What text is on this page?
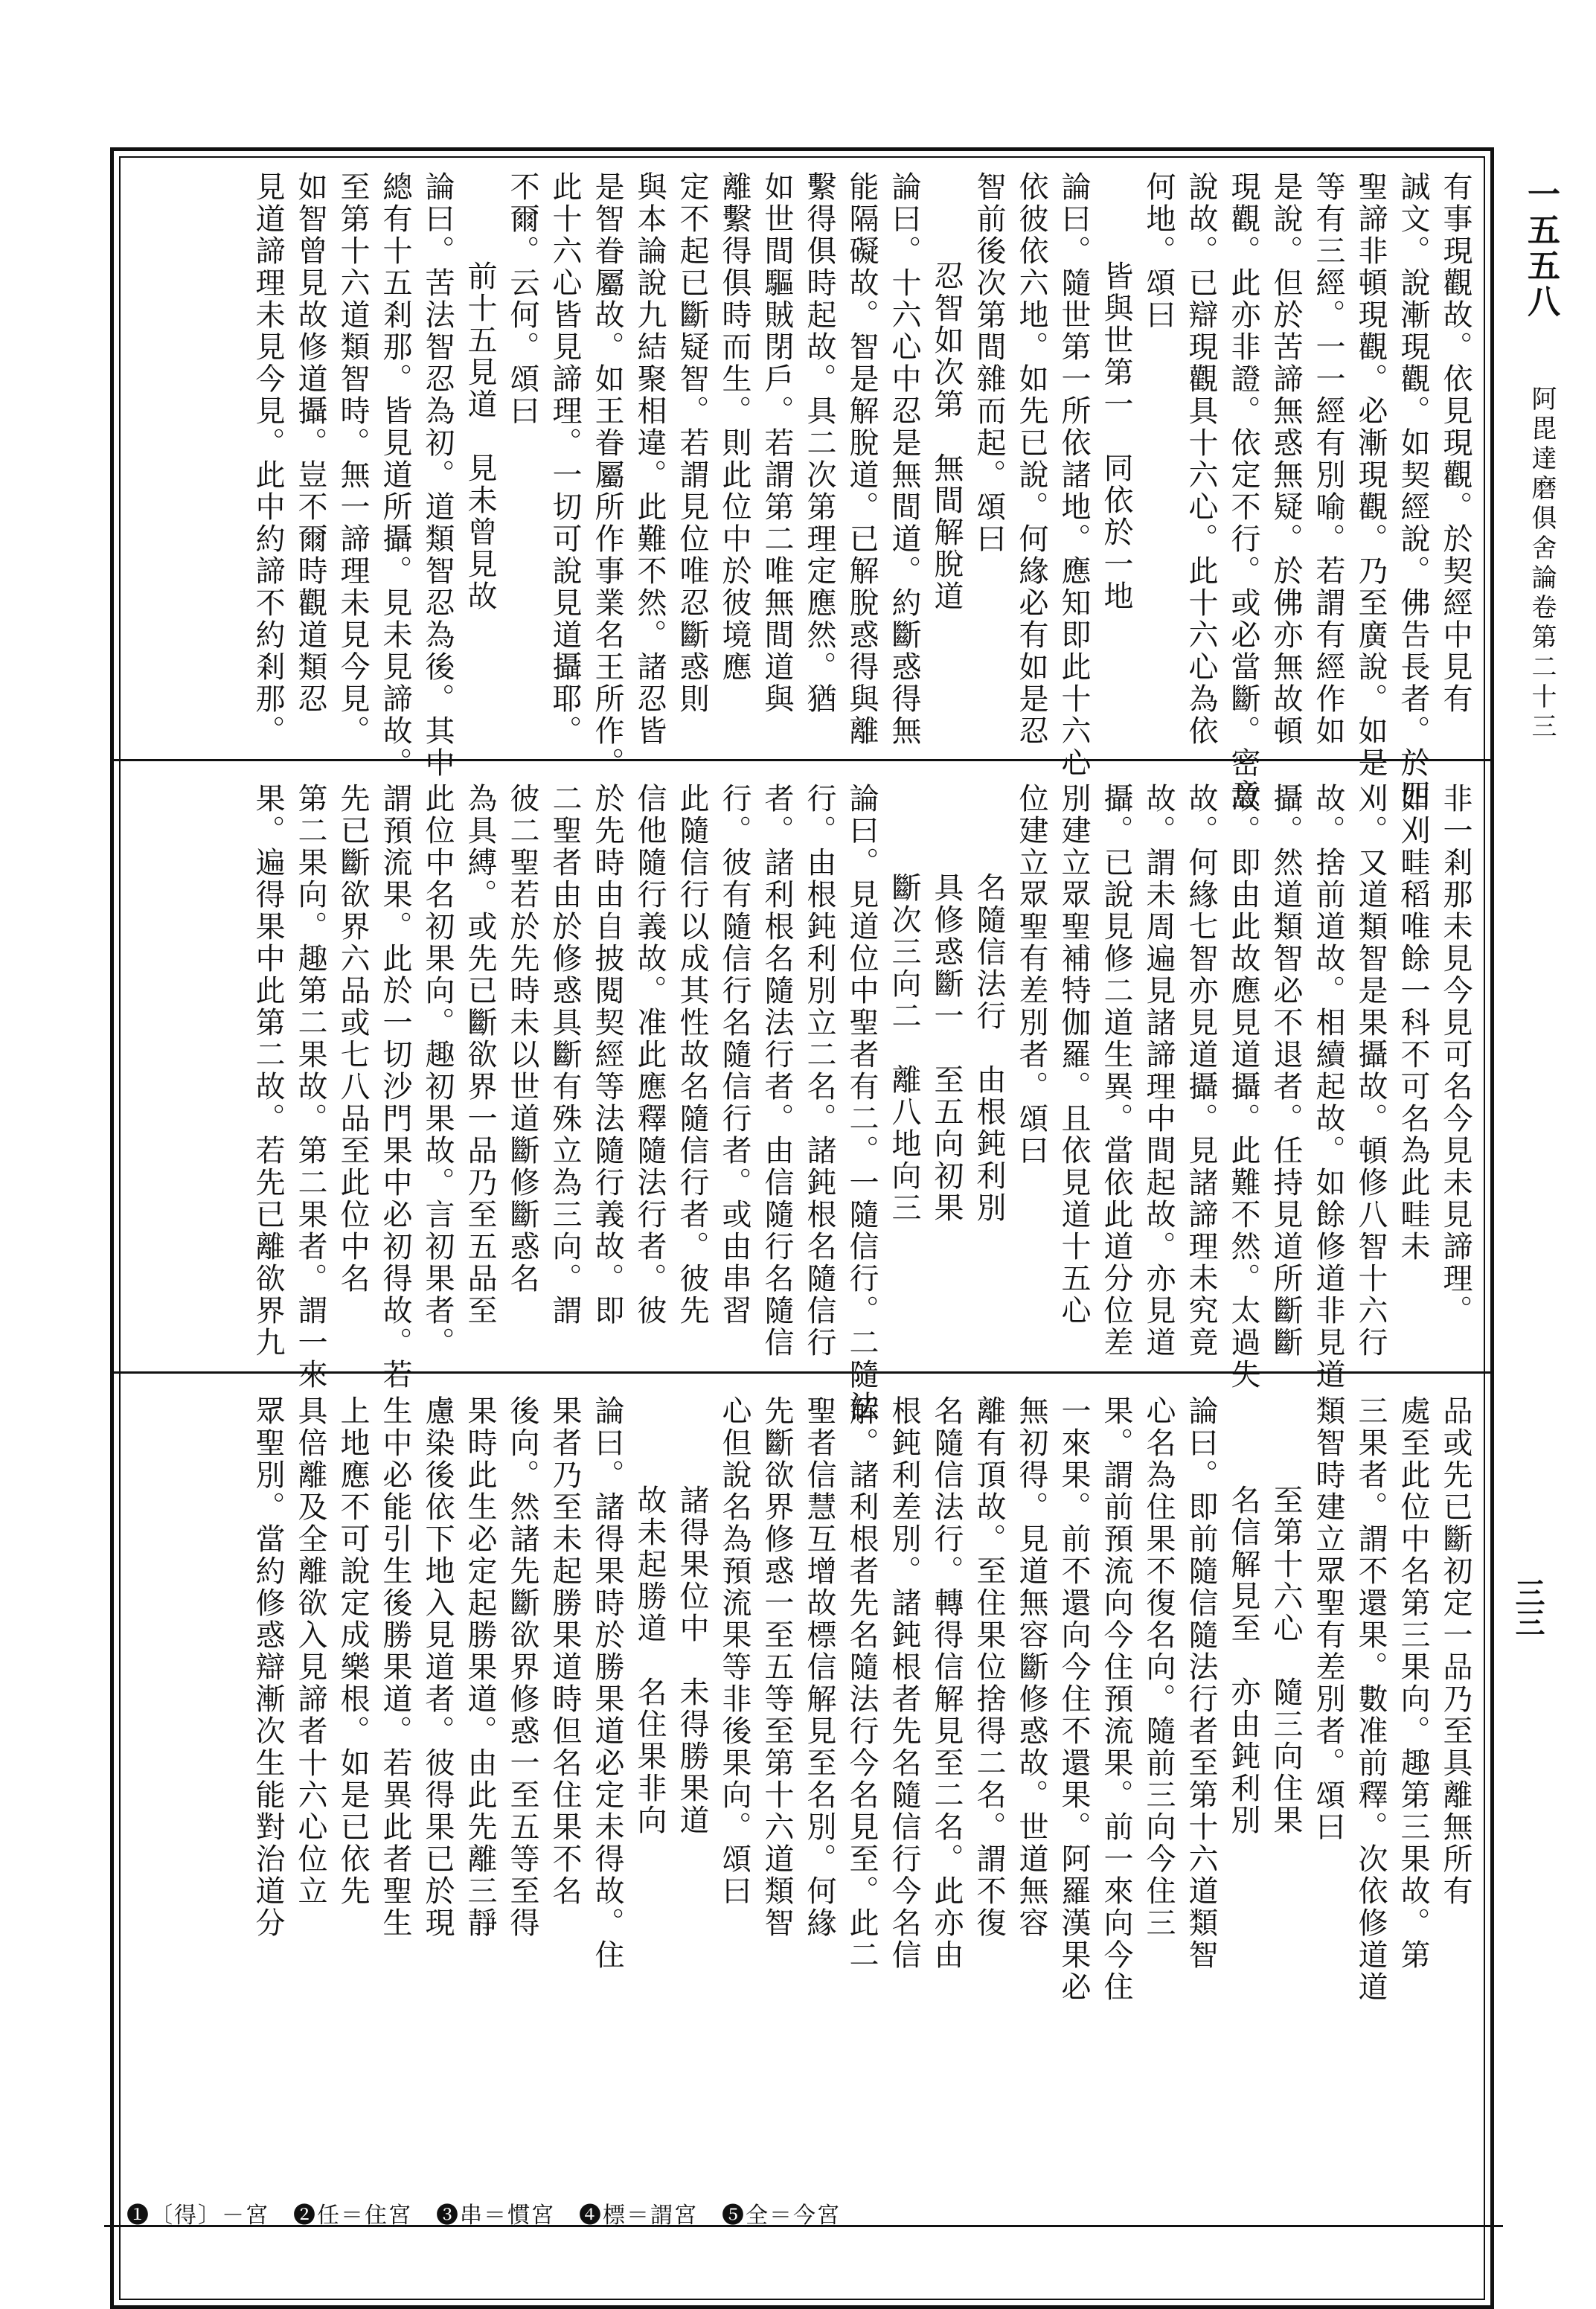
一五五八
阿毘達磨俱舍論卷第二十三
三三
有事現觀故。依見現觀。於契經中見有
誠文。說漸現觀。如契經說。佛告長者。於四
聖諦非頓現觀。必漸現觀。乃至廣說。如是
等有三經。一一經有別喻。若謂有經作如
是說。但於苦諦無惑無疑。於佛亦無故頓
現觀。此亦非證。依定不行。或必當斷。密意
說故。已辯現觀具十六心。此十六心為依
何地。頌曰
皆與世第一　同依於一地
論曰。隨世第一所依諸地。應知即此十六心
依彼依六地。如先已說。何緣必有如是忍
智前後次第間雜而起。頌曰
忍智如次第　無間解脫道
論曰。十六心中忍是無間道。約斷惑得無
能隔礙故。智是解脫道。已解脫惑得與離
繫得俱時起故。具二次第理定應然。猶
如世間驅賊閉戶。若謂第二唯無間道與
離繫得俱時而生。則此位中於彼境應
定不起已斷疑智。若謂見位唯忍斷惑則
與本論說九結聚相違。此難不然。諸忍皆
是智眷屬故。如王眷屬所作事業名王所作。
此十六心皆見諦理。一切可說見道攝耶。
不爾。云何。頌曰
前十五見道　見未曾見故
論曰。苦法智忍為初。道類智忍為後。其中
總有十五剎那。皆見道所攝。見未見諦故。
至第十六道類智時。無一諦理未見今見。
如智曾見故修道攝。豈不爾時觀道類忍
見道諦理未見今見。此中約諦不約剎那。
非一剎那未見今見可名今見未見諦理。
如刈畦稻唯餘一科不可名為此畦未
刈。又道類智是果攝故。頓修八智十六行
故。捨前道故。相續起故。如餘修道非見道
攝。然道類智必不退者。任持見道所斷斷
故。即由此故應見道攝。此難不然。太過失
故。何緣七智亦見道攝。見諸諦理未究竟
故。謂未周遍見諸諦理中間起故。亦見道
攝。已說見修二道生異。當依此道分位差
別建立眾聖補特伽羅。且依見道十五心
位建立眾聖有差別者。頌曰
名隨信法行　由根鈍利別
具修惑斷一　至五向初果
斷次三向二　離八地向三
論曰。見道位中聖者有二。一隨信行。二隨法
行。由根鈍利別立二名。諸鈍根名隨信行
者。諸利根名隨法行者。由信隨行名隨信
行。彼有隨信行名隨信行者。或由串習
此隨信行以成其性故名隨信行者。彼先
信他隨行義故。准此應釋隨法行者。彼
於先時由自披閱契經等法隨行義故。即
二聖者由於修惑具斷有殊立為三向。謂
彼二聖若於先時未以世道斷修斷惑名
為具縛。或先已斷欲界一品乃至五品至
此位中名初果向。趣初果故。言初果者。
謂預流果。此於一切沙門果中必初得故。若
先已斷欲界六品或七八品至此位中名
第二果向。趣第二果故。第二果者。謂一來
果。遍得果中此第二故。若先已離欲界九
品或先已斷初定一品乃至具離無所有
處至此位中名第三果向。趣第三果故。第
三果者。謂不還果。數准前釋。次依修道道
類智時建立眾聖有差別者。頌曰
至第十六心　隨三向住果
名信解見至　亦由鈍利別
論曰。即前隨信隨法行者至第十六道類智
心名為住果不復名向。隨前三向今住三
果。謂前預流向今住預流果。前一來向今住
一來果。前不還向今住不還果。阿羅漢果必
無初得。見道無容斷修惑故。世道無容
離有頂故。至住果位捨得二名。謂不復
名隨信法行。轉得信解見至二名。此亦由
根鈍利差別。諸鈍根者先名隨信行今名信
解。諸利根者先名隨法行今名見至。此二
聖者信慧互增故標信解見至名別。何緣
先斷欲界修惑一至五等至第十六道類智
心但說名為預流果等非後果向。頌曰
諸得果位中　未得勝果道
故未起勝道　名住果非向
論曰。諸得果時於勝果道必定未得故。住
果者乃至未起勝果道時但名住果不名
後向。然諸先斷欲界修惑一至五等至得
果時此生必定起勝果道。由此先離三靜
慮染後依下地入見道者。彼得果已於現
生中必能引生後勝果道。若異此者聖生
上地應不可說定成樂根。如是已依先
具倍離及全離欲入見諦者十六心位立
眾聖別。當約修惑辯漸次生能對治道分
❶〔得〕－宮　❷任＝住宮　❸串＝慣宮　❹標＝謂宮　❺全＝今宮
